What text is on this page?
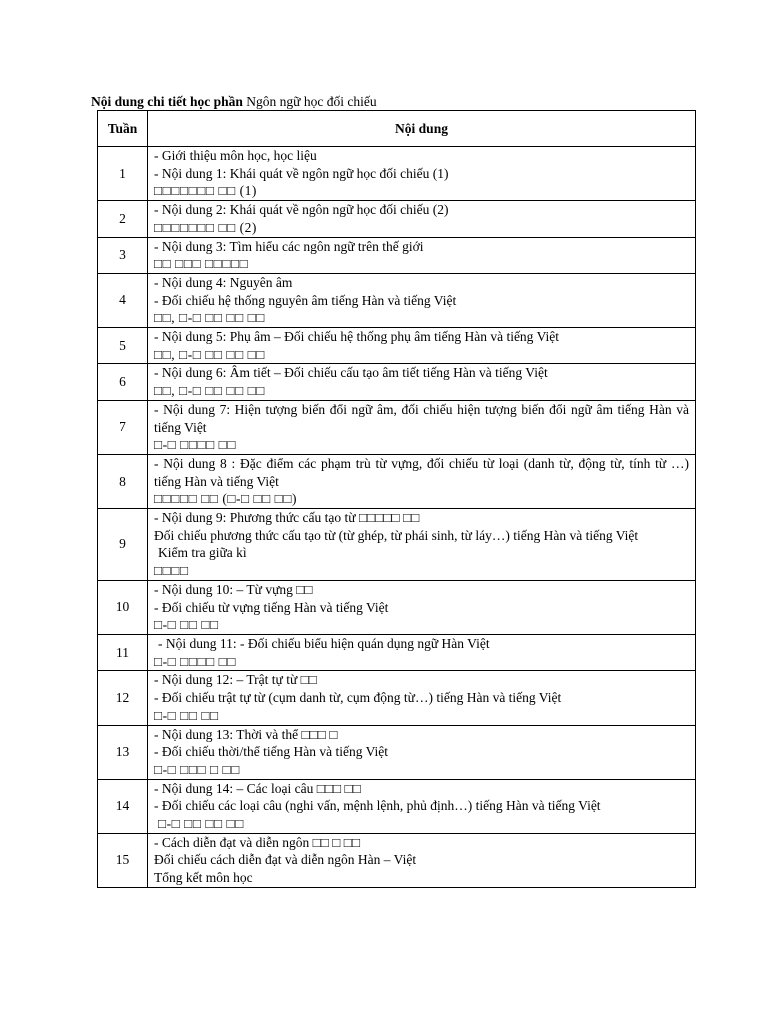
Nội dung chi tiết học phần Ngôn ngữ học đối chiếu
Tuần	Nội dung
1	- Giới thiệu môn học, học liệu
- Nội dung 1: Khái quát về ngôn ngữ học đối chiếu (1)
□□□□□□□ □□ (1)

2	- Nội dung 2: Khái quát về ngôn ngữ học đối chiếu (2)
□□□□□□□ □□ (2)

3	- Nội dung 3: Tìm hiểu các ngôn ngữ trên thế giới
□□ □□□ □□□□□

4	- Nội dung 4: Nguyên âm
- Đối chiếu hệ thống nguyên âm tiếng Hàn và tiếng Việt
□□, □-□ □□ □□ □□

5	- Nội dung 5: Phụ âm – Đối chiếu hệ thống phụ âm tiếng Hàn và tiếng Việt
□□, □-□ □□ □□ □□

6	- Nội dung 6: Âm tiết – Đối chiếu cấu tạo âm tiết tiếng Hàn và tiếng Việt
□□, □-□ □□ □□ □□

7	- Nội dung 7: Hiện tượng biến đổi ngữ âm, đối chiếu hiện tượng biến đổi ngữ âm tiếng Hàn và tiếng Việt
□-□ □□□□ □□

8	- Nội dung 8 : Đặc điểm các phạm trù từ vựng, đối chiếu từ loại (danh từ, động từ, tính từ …) tiếng Hàn và tiếng Việt
□□□□□ □□ (□-□ □□ □□)

9	- Nội dung 9: Phương thức cấu tạo từ □□□□□ □□
Đối chiếu phương thức cấu tạo từ (từ ghép, từ phái sinh, từ láy…) tiếng Hàn và tiếng Việt
Kiểm tra giữa kì
□□□□

10	- Nội dung 10: – Từ vựng □□
- Đối chiếu từ vựng tiếng Hàn và tiếng Việt
□-□ □□ □□

11	- Nội dung 11: - Đối chiếu biểu hiện quán dụng ngữ Hàn Việt
□-□ □□□□ □□

12	- Nội dung 12: – Trật tự từ □□
- Đối chiếu trật tự từ (cụm danh từ, cụm động từ…) tiếng Hàn và tiếng Việt
□-□ □□ □□

13	- Nội dung 13: Thời và thể □□□ □
- Đối chiếu thời/thể tiếng Hàn và tiếng Việt
□-□ □□□ □ □□

14	- Nội dung 14: – Các loại câu □□□ □□
- Đối chiếu các loại câu (nghi vấn, mệnh lệnh, phủ định…) tiếng Hàn và tiếng Việt
□-□ □□ □□ □□

15	- Cách diễn đạt và diễn ngôn □□ □ □□
Đối chiếu cách diễn đạt và diễn ngôn Hàn – Việt
Tổng kết môn học
